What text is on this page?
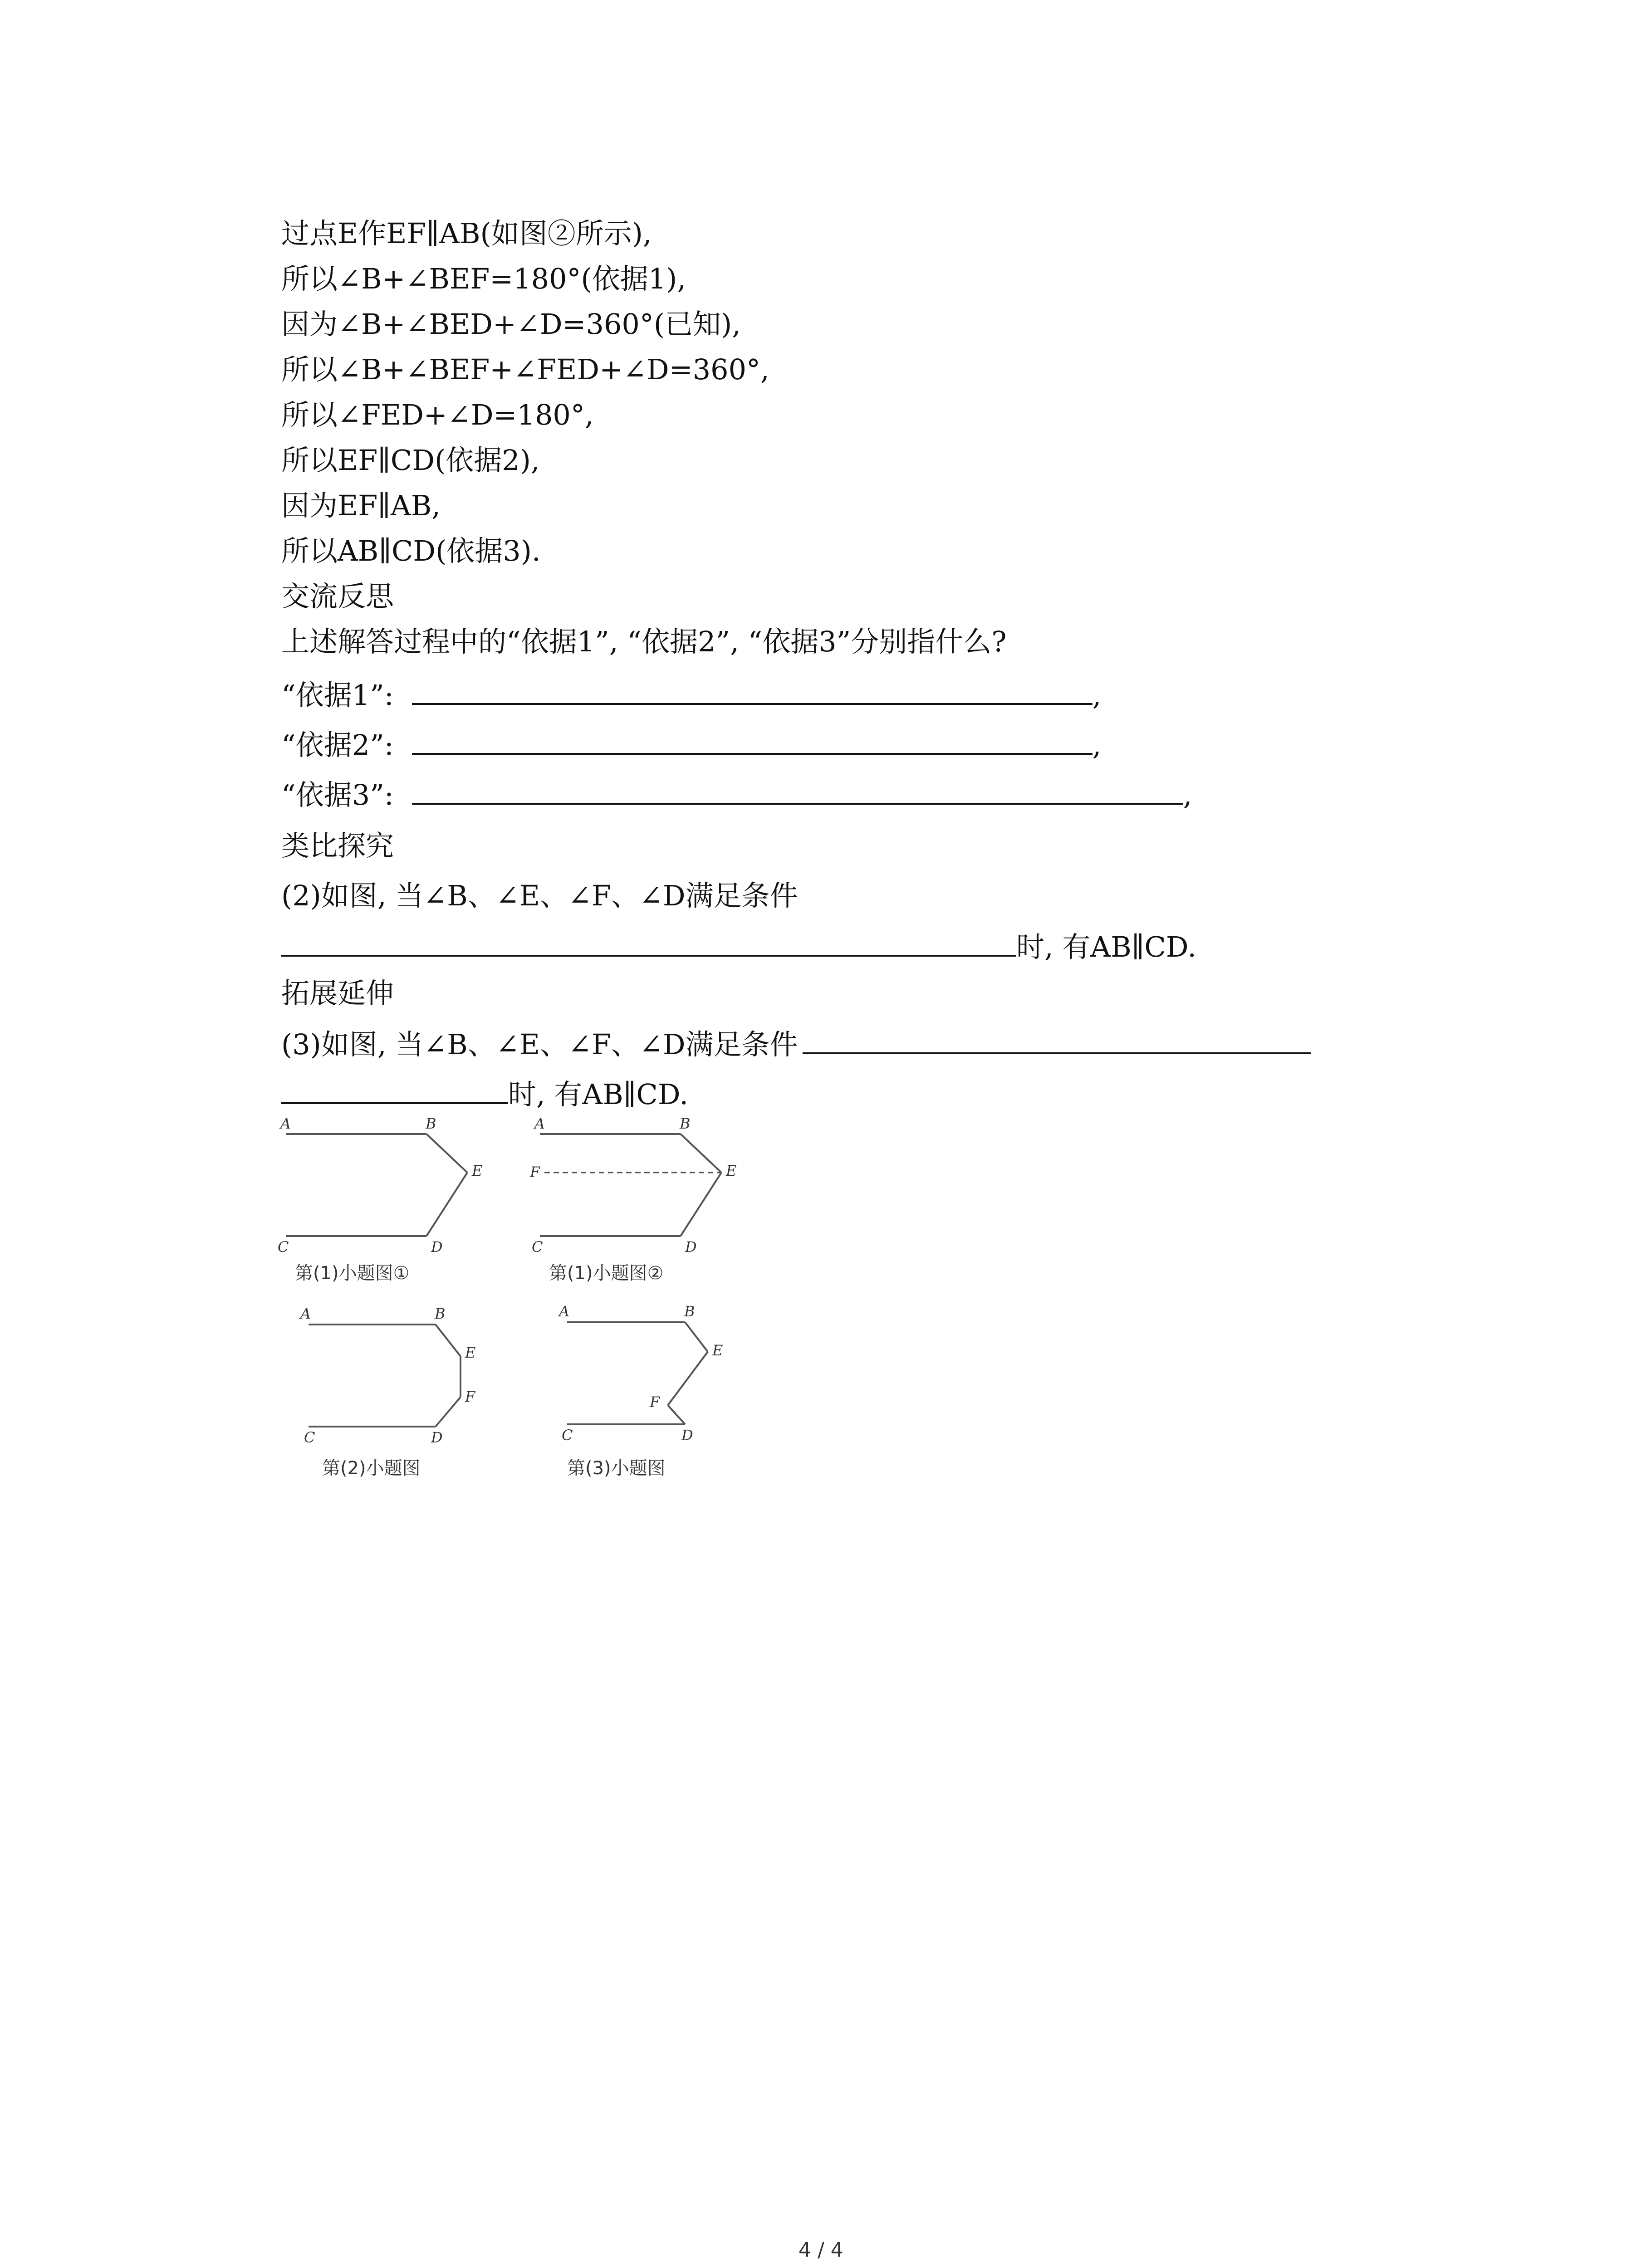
过点E作EF∥AB(如图②所示),
所以∠B+∠BEF=180°(依据1),
因为∠B+∠BED+∠D=360°(已知),
所以∠B+∠BEF+∠FED+∠D=360°,
所以∠FED+∠D=180°,
所以EF∥CD(依据2),
因为EF∥AB,
所以AB∥CD(依据3).
交流反思
上述解答过程中的“依据1”, “依据2”, “依据3”分别指什么?
“依据1”:	,
“依据2”:	,
“依据3”:	,
类比探究
(2)如图, 当∠B、∠E、∠F、∠D满足条件
时, 有AB∥CD.
拓展延伸
(3)如图, 当∠B、∠E、∠F、∠D满足条件
时, 有AB∥CD.
A	B
E
C	D
第(1)小题图①
A	B
F	E
C	D
第(1)小题图②
A	B
E
F
C	D
第(2)小题图
A	B
E
F
C	D
第(3)小题图
4 / 4
